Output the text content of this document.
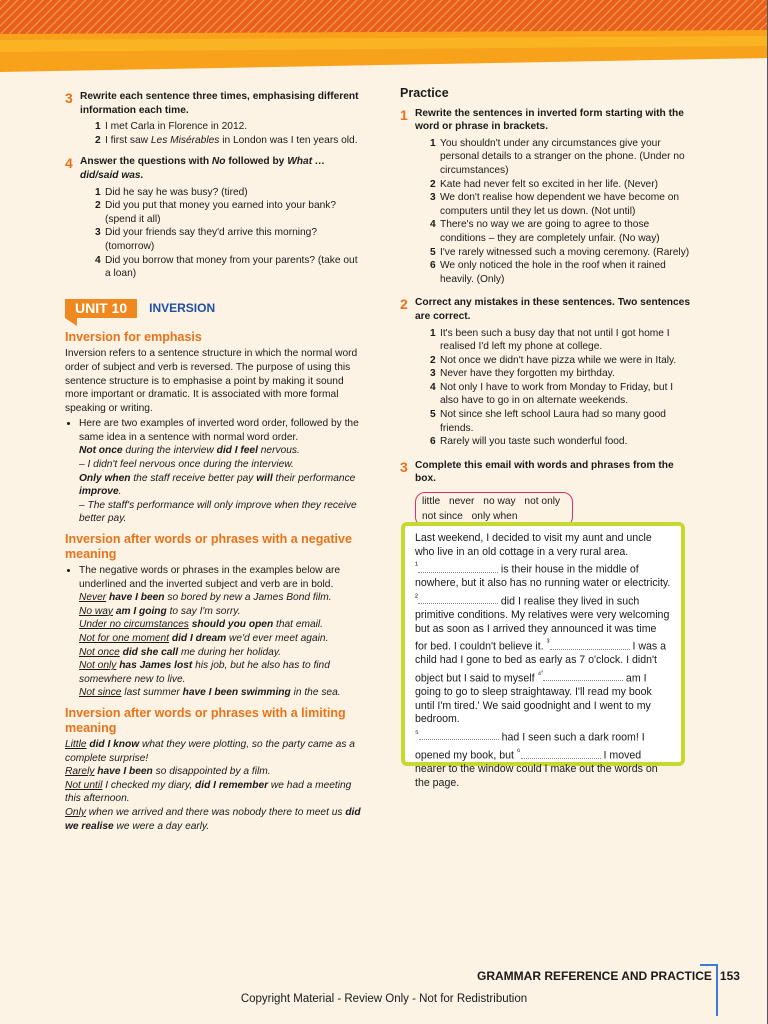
3 Rewrite each sentence three times, emphasising different information each time.
1 I met Carla in Florence in 2012.
2 I first saw Les Misérables in London was I ten years old.
4 Answer the questions with No followed by What … did/said was.
1 Did he say he was busy? (tired)
2 Did you put that money you earned into your bank? (spend it all)
3 Did your friends say they'd arrive this morning? (tomorrow)
4 Did you borrow that money from your parents? (take out a loan)
UNIT 10	INVERSION
Inversion for emphasis
Inversion refers to a sentence structure in which the normal word order of subject and verb is reversed. The purpose of using this sentence structure is to emphasise a point by making it sound more important or dramatic. It is associated with more formal speaking or writing.
• Here are two examples of inverted word order, followed by the same idea in a sentence with normal word order.
Not once during the interview did I feel nervous.
– I didn't feel nervous once during the interview.
Only when the staff receive better pay will their performance improve.
– The staff's performance will only improve when they receive better pay.
Inversion after words or phrases with a negative meaning
• The negative words or phrases in the examples below are underlined and the inverted subject and verb are in bold.
Never have I been so bored by new a James Bond film.
No way am I going to say I'm sorry.
Under no circumstances should you open that email.
Not for one moment did I dream we'd ever meet again.
Not once did she call me during her holiday.
Not only has James lost his job, but he also has to find somewhere new to live.
Not since last summer have I been swimming in the sea.
Inversion after words or phrases with a limiting meaning
Little did I know what they were plotting, so the party came as a complete surprise!
Rarely have I been so disappointed by a film.
Not until I checked my diary, did I remember we had a meeting this afternoon.
Only when we arrived and there was nobody there to meet us did we realise we were a day early.
Practice
1 Rewrite the sentences in inverted form starting with the word or phrase in brackets.
1 You shouldn't under any circumstances give your personal details to a stranger on the phone. (Under no circumstances)
2 Kate had never felt so excited in her life. (Never)
3 We don't realise how dependent we have become on computers until they let us down. (Not until)
4 There's no way we are going to agree to those conditions – they are completely unfair. (No way)
5 I've rarely witnessed such a moving ceremony. (Rarely)
6 We only noticed the hole in the roof when it rained heavily. (Only)
2 Correct any mistakes in these sentences. Two sentences are correct.
1 It's been such a busy day that not until I got home I realised I'd left my phone at college.
2 Not once we didn't have pizza while we were in Italy.
3 Never have they forgotten my birthday.
4 Not only I have to work from Monday to Friday, but I also have to go in on alternate weekends.
5 Not since she left school Laura had so many good friends.
6 Rarely will you taste such wonderful food.
3 Complete this email with words and phrases from the box.
little never no way not only
not since only when
Last weekend, I decided to visit my aunt and uncle who live in an old cottage in a very rural area.
$^{^1}$	is their house in the middle of nowhere, but it also has no running water or electricity. $^{^2}$	did I realise they lived in such primitive conditions. My relatives were very welcoming but as soon as I arrived they announced it was time for bed. I couldn't believe it. $^{^3}$	I was a child had I gone to bed as early as 7 o'clock. I didn't object but I said to myself $^{^4'}$	am I going to go to sleep straightaway. I'll read my book until I'm tired.' We said goodnight and I went to my bedroom.
$^{^5}$	had I seen such a dark room! I opened my book, but $^{^6}$	I moved nearer to the window could I make out the words on the page.
GRAMMAR REFERENCE AND PRACTICE 153
Copyright Material - Review Only - Not for Redistribution
